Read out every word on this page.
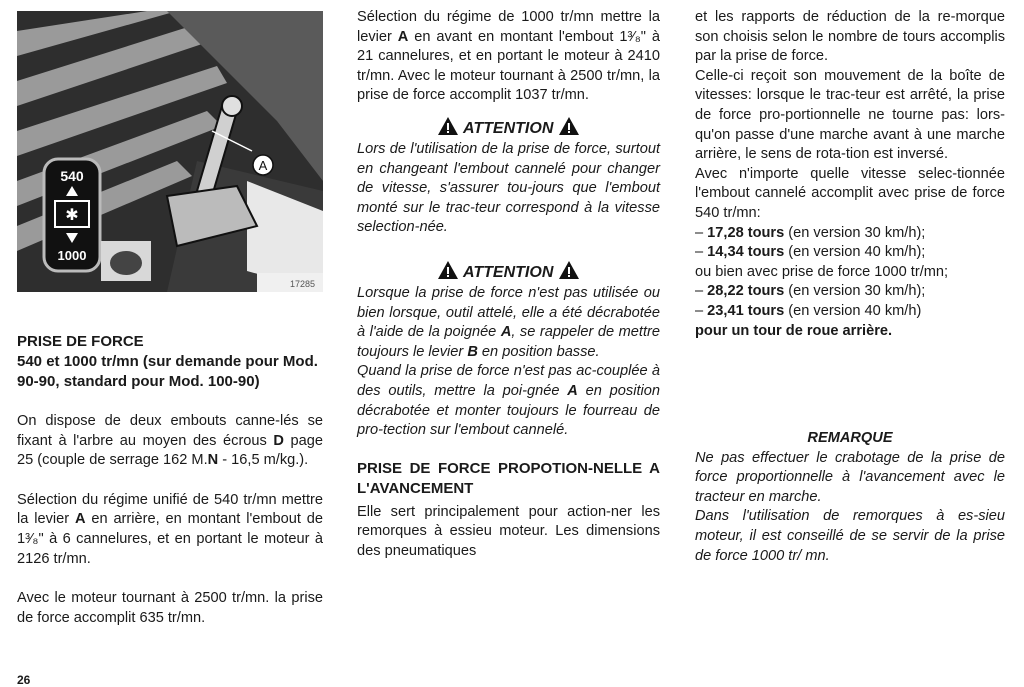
A
540
✱
1000
17285

PRISE DE FORCE

540 et 1000 tr/mn (sur demande pour Mod. 90-90, standard pour Mod. 100-90)

On dispose de deux embouts canne-lés se fixant à l'arbre au moyen des écrous D page 25 (couple de serrage 162 M.N - 16,5 m/kg.).

Sélection du régime unifié de 540 tr/mn mettre la levier A en arrière, en montant l'embout de 1³⁄₈" à 6 cannelures, et en portant le moteur à 2126 tr/mn.

Avec le moteur tournant à 2500 tr/mn. la prise de force accomplit 635 tr/mn.

Sélection du régime de 1000 tr/mn mettre la levier A en avant en montant l'embout 1³⁄₈" à 21 cannelures, et en portant le moteur à 2410 tr/mn. Avec le moteur tournant à 2500 tr/mn, la prise de force accomplit 1037 tr/mn.

ATTENTION

Lors de l'utilisation de la prise de force, surtout en changeant l'embout cannelé pour changer de vitesse, s'assurer tou-jours que l'embout monté sur le trac-teur correspond à la vitesse selection-née.

ATTENTION

Lorsque la prise de force n'est pas utilisée ou bien lorsque, outil attelé, elle a été décrabotée à l'aide de la poignée A, se rappeler de mettre toujours le levier B en position basse.

Quand la prise de force n'est pas ac-couplée à des outils, mettre la poi-gnée A en position décrabotée et monter toujours le fourreau de pro-tection sur l'embout cannelé.

PRISE DE FORCE PROPOTION-NELLE A L'AVANCEMENT

Elle sert principalement pour action-ner les remorques à essieu moteur. Les dimensions des pneumatiques

et les rapports de réduction de la re-morque son choisis selon le nombre de tours accomplis par la prise de force.

Celle-ci reçoit son mouvement de la boîte de vitesses: lorsque le trac-teur est arrêté, la prise de force pro-portionnelle ne tourne pas: lors-qu'on passe d'une marche avant à une marche arrière, le sens de rota-tion est inversé.

Avec n'importe quelle vitesse selec-tionnée l'embout cannelé accomplit avec prise de force 540 tr/mn:

– 17,28 tours (en version 30 km/h);

– 14,34 tours (en version 40 km/h);

ou bien avec prise de force 1000 tr/mn;

– 28,22 tours (en version 30 km/h);

– 23,41 tours (en version 40 km/h)

pour un tour de roue arrière.

REMARQUE

Ne pas effectuer le crabotage de la prise de force proportionnelle à l'avancement avec le tracteur en marche.

Dans l'utilisation de remorques à es-sieu moteur, il est conseillé de se servir de la prise de force 1000 tr/ mn.

26
